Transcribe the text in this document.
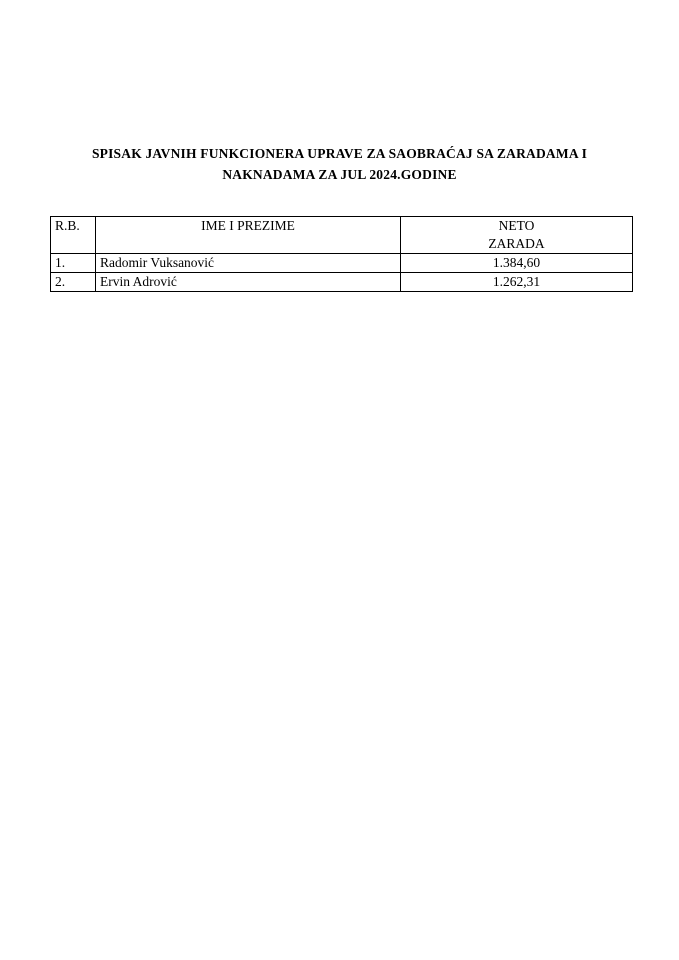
SPISAK JAVNIH FUNKCIONERA UPRAVE ZA SAOBRAĆAJ SA ZARADAMA I
NAKNADAMA ZA JUL 2024.GODINE
R.B.	IME I PREZIME	NETO
ZARADA

1.	Radomir Vuksanović	1.384,60
2.	Ervin Adrović	1.262,31
